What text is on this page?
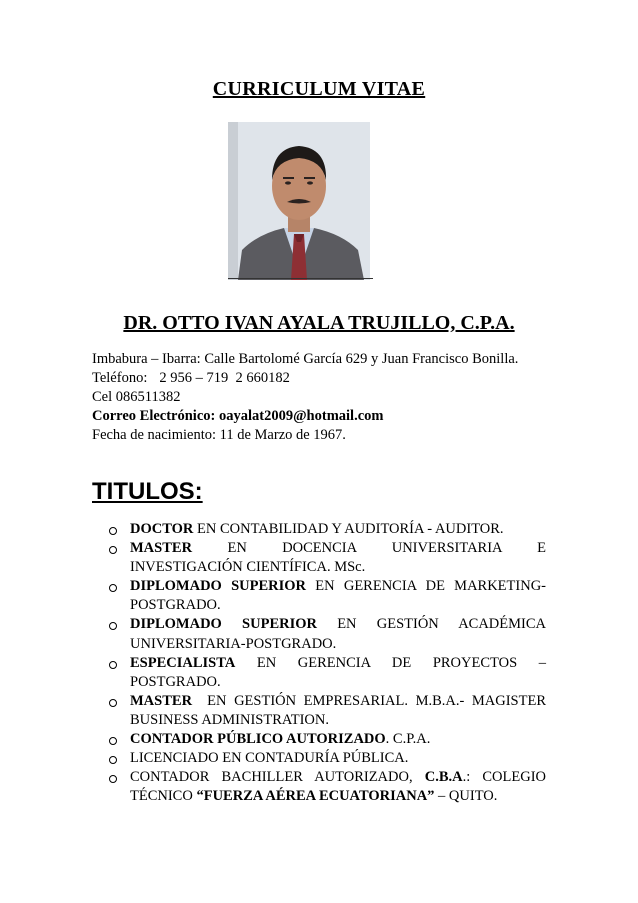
CURRICULUM VITAE
DR. OTTO IVAN AYALA TRUJILLO, C.P.A.
Imbabura – Ibarra: Calle Bartolomé García 629 y Juan Francisco Bonilla.
Teléfono: 2 956 – 719  2 660182
Cel 086511382
Correo Electrónico: oayalat2009@hotmail.com
Fecha de nacimiento: 11 de Marzo de 1967.
TITULOS:
DOCTOR EN CONTABILIDAD Y AUDITORÍA - AUDITOR.
MASTER EN DOCENCIA UNIVERSITARIA E
INVESTIGACIÓN CIENTÍFICA. MSc.
DIPLOMADO SUPERIOR EN GERENCIA DE MARKETING-
POSTGRADO.
DIPLOMADO SUPERIOR EN GESTIÓN ACADÉMICA
UNIVERSITARIA-POSTGRADO.
ESPECIALISTA EN GERENCIA DE PROYECTOS –
POSTGRADO.
MASTER  EN GESTIÓN EMPRESARIAL. M.B.A.- MAGISTER
BUSINESS ADMINISTRATION.
CONTADOR PÚBLICO AUTORIZADO. C.P.A.
LICENCIADO EN CONTADURÍA PÚBLICA.
CONTADOR BACHILLER AUTORIZADO, C.B.A.: COLEGIO
TÉCNICO “FUERZA AÉREA ECUATORIANA” – QUITO.
